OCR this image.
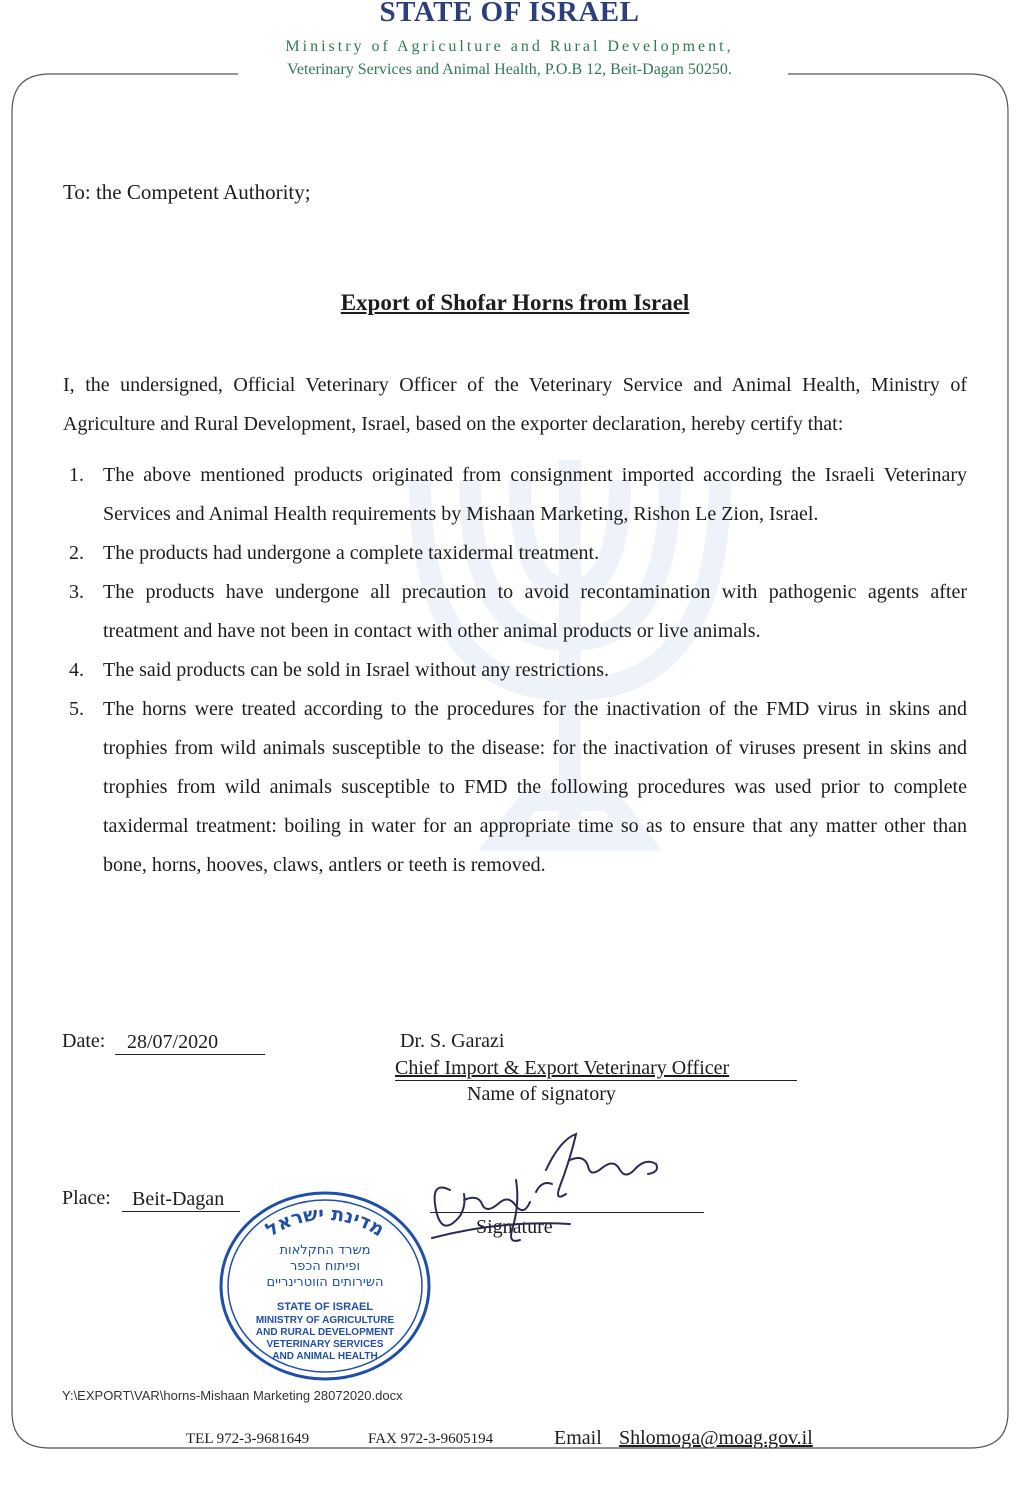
STATE OF ISRAEL
Ministry of Agriculture and Rural Development,
Veterinary Services and Animal Health, P.O.B 12, Beit-Dagan 50250.
To: the Competent Authority;
Export of Shofar Horns from Israel
I, the undersigned, Official Veterinary Officer of the Veterinary Service and Animal Health, Ministry of Agriculture and Rural Development, Israel, based on the exporter declaration, hereby certify that:
1. The above mentioned products originated from consignment imported according the Israeli Veterinary Services and Animal Health requirements by Mishaan Marketing, Rishon Le Zion, Israel.
2. The products had undergone a complete taxidermal treatment.
3. The products have undergone all precaution to avoid recontamination with pathogenic agents after treatment and have not been in contact with other animal products or live animals.
4. The said products can be sold in Israel without any restrictions.
5. The horns were treated according to the procedures for the inactivation of the FMD virus in skins and trophies from wild animals susceptible to the disease: for the inactivation of viruses present in skins and trophies from wild animals susceptible to FMD the following procedures was used prior to complete taxidermal treatment: boiling in water for an appropriate time so as to ensure that any matter other than bone, horns, hooves, claws, antlers or teeth is removed.
Date:	28/07/2020	Dr. S. Garazi
Chief Import & Export Veterinary Officer
Name of signatory
Place:	Beit-Dagan
Signature
מדינת ישראל
משרד החקלאות
ופיתוח הכפר
השירותים הווטרינריים
STATE OF ISRAEL
MINISTRY OF AGRICULTURE
AND RURAL DEVELOPMENT
VETERINARY SERVICES
AND ANIMAL HEALTH
Y:\EXPORT\VAR\horns-Mishaan Marketing 28072020.docx
TEL 972-3-9681649	FAX 972-3-9605194	Email Shlomoga@moag.gov.il
